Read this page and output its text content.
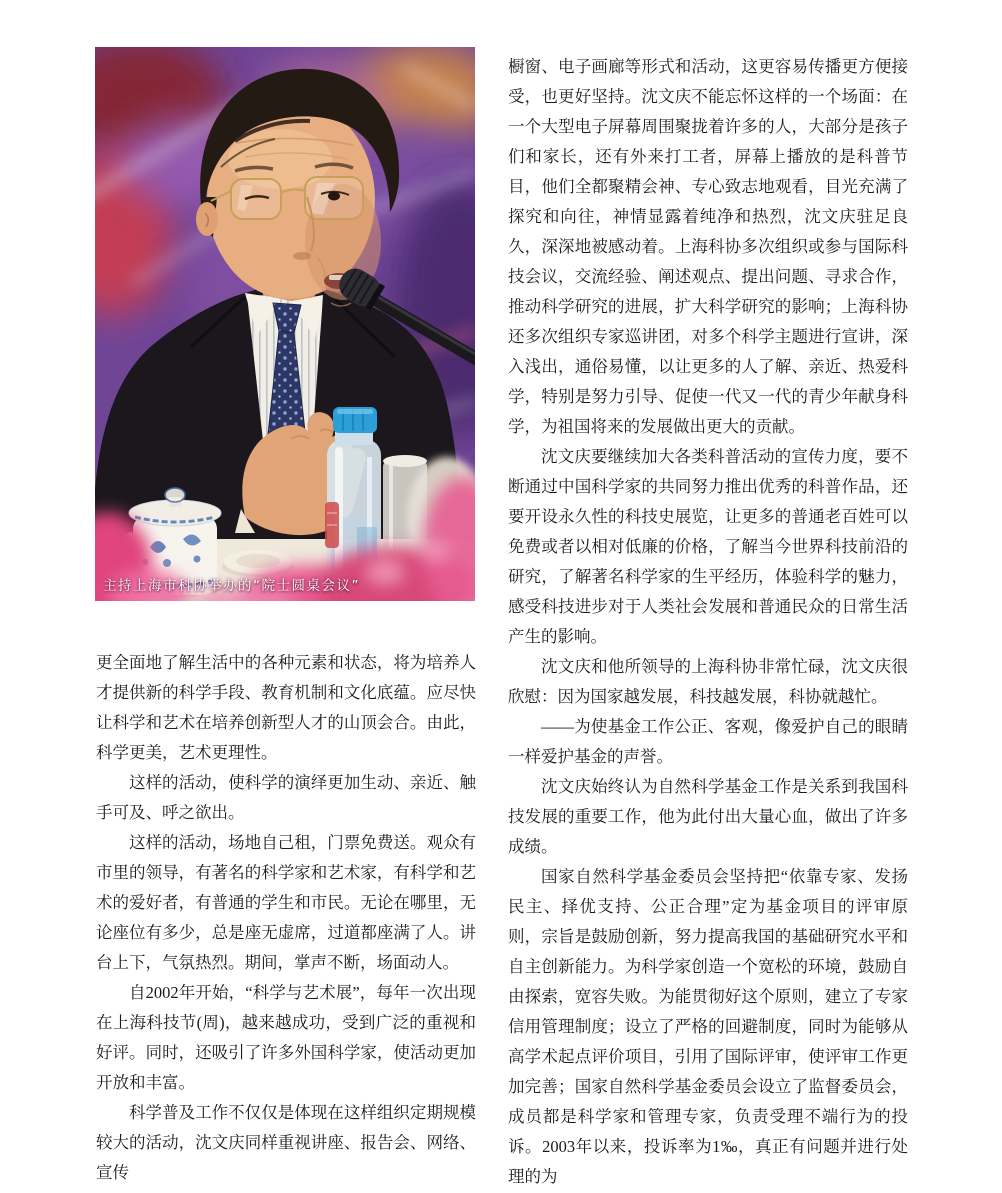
主持上海市科协举办的“院士圆桌会议”

更全面地了解生活中的各种元素和状态，将为培养人才提供新的科学手段、教育机制和文化底蕴。应尽快让科学和艺术在培养创新型人才的山顶会合。由此，科学更美，艺术更理性。

这样的活动，使科学的演绎更加生动、亲近、触手可及、呼之欲出。

这样的活动，场地自己租，门票免费送。观众有市里的领导，有著名的科学家和艺术家，有科学和艺术的爱好者，有普通的学生和市民。无论在哪里，无论座位有多少，总是座无虚席，过道都座满了人。讲台上下，气氛热烈。期间，掌声不断，场面动人。

自2002年开始，“科学与艺术展”，每年一次出现在上海科技节(周)，越来越成功，受到广泛的重视和好评。同时，还吸引了许多外国科学家，使活动更加开放和丰富。

科学普及工作不仅仅是体现在这样组织定期规模较大的活动，沈文庆同样重视讲座、报告会、网络、宣传

橱窗、电子画廊等形式和活动，这更容易传播更方便接受，也更好坚持。沈文庆不能忘怀这样的一个场面：在一个大型电子屏幕周围聚拢着许多的人，大部分是孩子们和家长，还有外来打工者，屏幕上播放的是科普节目，他们全都聚精会神、专心致志地观看，目光充满了探究和向往，神情显露着纯净和热烈，沈文庆驻足良久，深深地被感动着。上海科协多次组织或参与国际科技会议，交流经验、阐述观点、提出问题、寻求合作，推动科学研究的进展，扩大科学研究的影响；上海科协还多次组织专家巡讲团，对多个科学主题进行宣讲，深入浅出，通俗易懂，以让更多的人了解、亲近、热爱科学，特别是努力引导、促使一代又一代的青少年献身科学，为祖国将来的发展做出更大的贡献。

沈文庆要继续加大各类科普活动的宣传力度，要不断通过中国科学家的共同努力推出优秀的科普作品，还要开设永久性的科技史展览，让更多的普通老百姓可以免费或者以相对低廉的价格，了解当今世界科技前沿的研究，了解著名科学家的生平经历，体验科学的魅力，感受科技进步对于人类社会发展和普通民众的日常生活产生的影响。

沈文庆和他所领导的上海科协非常忙碌，沈文庆很欣慰：因为国家越发展，科技越发展，科协就越忙。

——为使基金工作公正、客观，像爱护自己的眼睛一样爱护基金的声誉。

沈文庆始终认为自然科学基金工作是关系到我国科技发展的重要工作，他为此付出大量心血，做出了许多成绩。

国家自然科学基金委员会坚持把“依靠专家、发扬民主、择优支持、公正合理”定为基金项目的评审原则，宗旨是鼓励创新，努力提高我国的基础研究水平和自主创新能力。为科学家创造一个宽松的环境，鼓励自由探索，宽容失败。为能贯彻好这个原则，建立了专家信用管理制度；设立了严格的回避制度，同时为能够从高学术起点评价项目，引用了国际评审，使评审工作更加完善；国家自然科学基金委员会设立了监督委员会，成员都是科学家和管理专家，负责受理不端行为的投诉。2003年以来，投诉率为1‰，真正有问题并进行处理的为
